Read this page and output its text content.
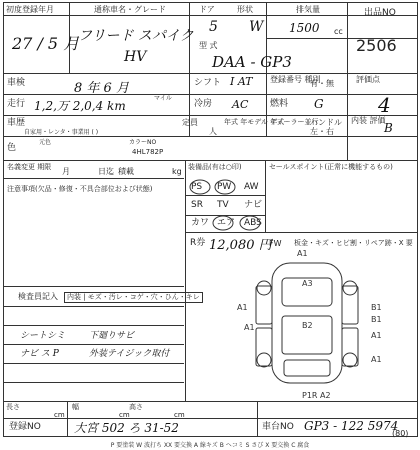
初度登録年月
27 / 5 月
通称車名・グレード
フリード スパイク
HV
ドア
5
形状
W
排気量
1500 cc
出品NO
2506
型 式
DAA - GP3
車検	8 年 6 月	シフト I AT 登録番号 種別
有・無	評価点
4
走行 1,2,万 2,0,4 km
マイル
冷房 AC 燃料 G
車歴
自家用・レンタ・事業用 ( )
定員
人
年式 年モデル 年式
ディーラー並行
ハンドル
左・右
内装 評価
B
色
元色	カラーNO
4HL782P
名義変更 期限 月	日迄 積載	kg
注意事項(欠品・修復・不具合部位および状態)
装備品(有は○印)
PS PW AW
SR TV ナビ
カワ エア ABS
R券 12,080 円
FW
セールスポイント(正常に機能するもの)
板金・キズ・ヒビ割・リペア跡・X 要
検査員記入	内装 | モズ・汚レ・コゲ・穴・ひん・キレ
シートシミ	下廻りサビ
ナビ ス P	外装テイジック取付
A1
A3
A1
A1	B2
B1
B1
A1
A1
P1R A2
長さ
cm
幅
cm
高さ
cm
登録NO	大宮 502 ろ 31-52	車台NO GP3 - 122 5974
(80)
P 要塗装 W 波打ち XX 要交換 A 線キズ B ヘコミ S さび X 要交換 C 腐食
